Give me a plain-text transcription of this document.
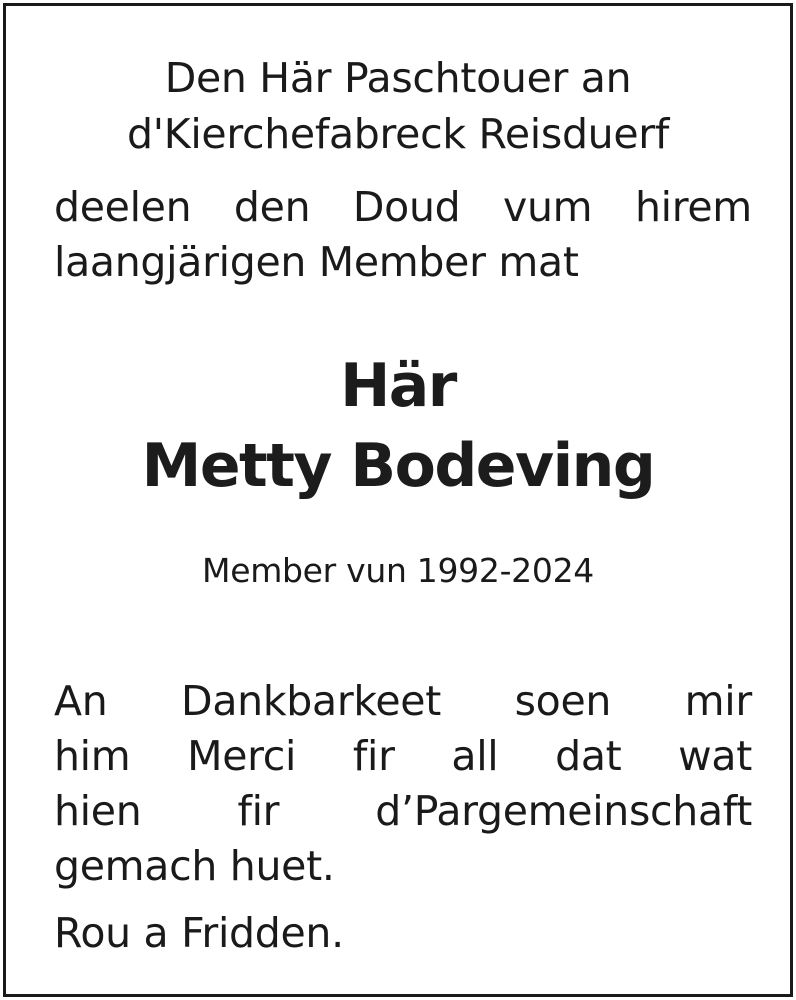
Den Här Paschtouer an
d'Kierchefabreck Reisduerf
deelen den Doud vum hirem
laangjärigen Member mat
Här
Metty Bodeving
Member vun 1992-2024
An Dankbarkeet soen mir
him Merci fir all dat wat
hien fir d’Pargemeinschaft
gemach huet.
Rou a Fridden.
